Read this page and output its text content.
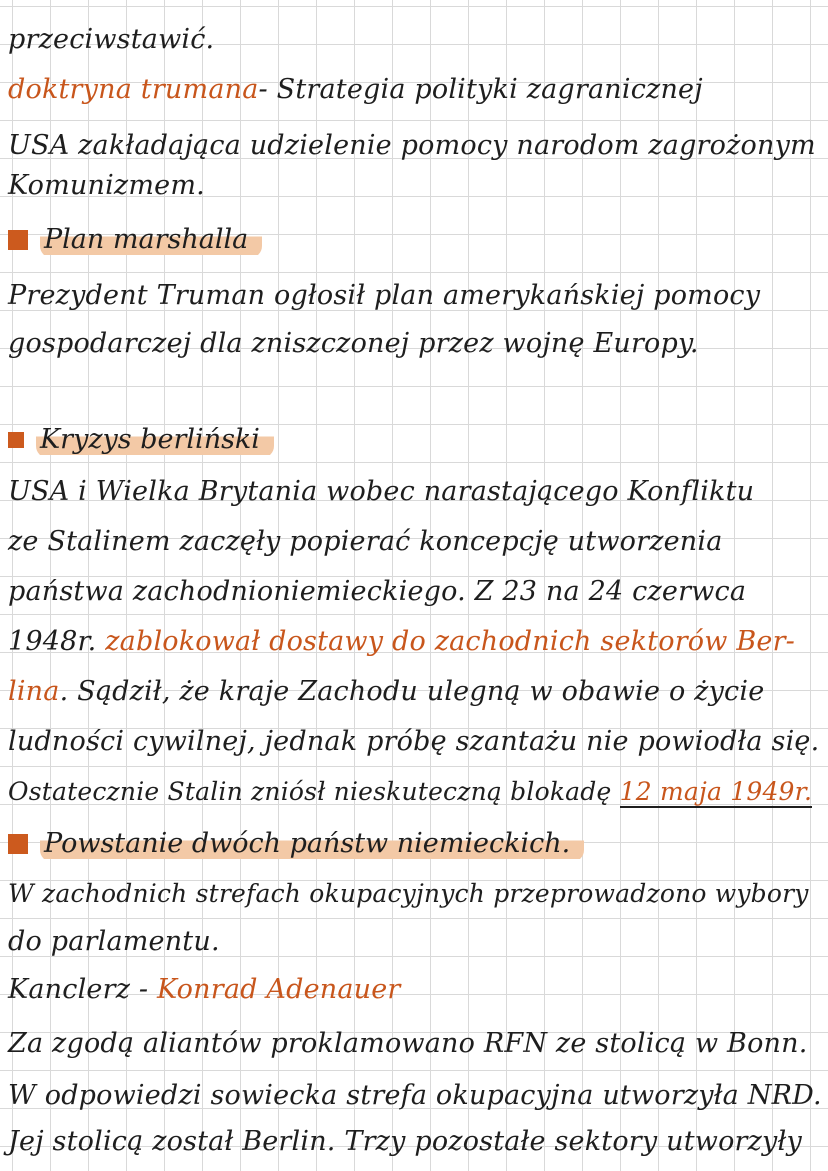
przeciwstawić.
doktryna trumana- Strategia polityki zagranicznej
USA zakładająca udzielenie pomocy narodom zagrożonym
Komunizmem.
Plan marshalla
Prezydent Truman ogłosił plan amerykańskiej pomocy
gospodarczej dla zniszczonej przez wojnę Europy.
Kryzys berliński
USA i Wielka Brytania wobec narastającego Konfliktu
ze Stalinem zaczęły popierać koncepcję utworzenia
państwa zachodnioniemieckiego. Z 23 na 24 czerwca
1948r. zablokował dostawy do zachodnich sektorów Ber-
lina. Sądził, że kraje Zachodu ulegną w obawie o życie
ludności cywilnej, jednak próbę szantażu nie powiodła się.
Ostatecznie Stalin zniósł nieskuteczną blokadę 12 maja 1949r.
Powstanie dwóch państw niemieckich.
W zachodnich strefach okupacyjnych przeprowadzono wybory
do parlamentu.
Kanclerz - Konrad Adenauer
Za zgodą aliantów proklamowano RFN ze stolicą w Bonn.
W odpowiedzi sowiecka strefa okupacyjna utworzyła NRD.
Jej stolicą został Berlin. Trzy pozostałe sektory utworzyły
